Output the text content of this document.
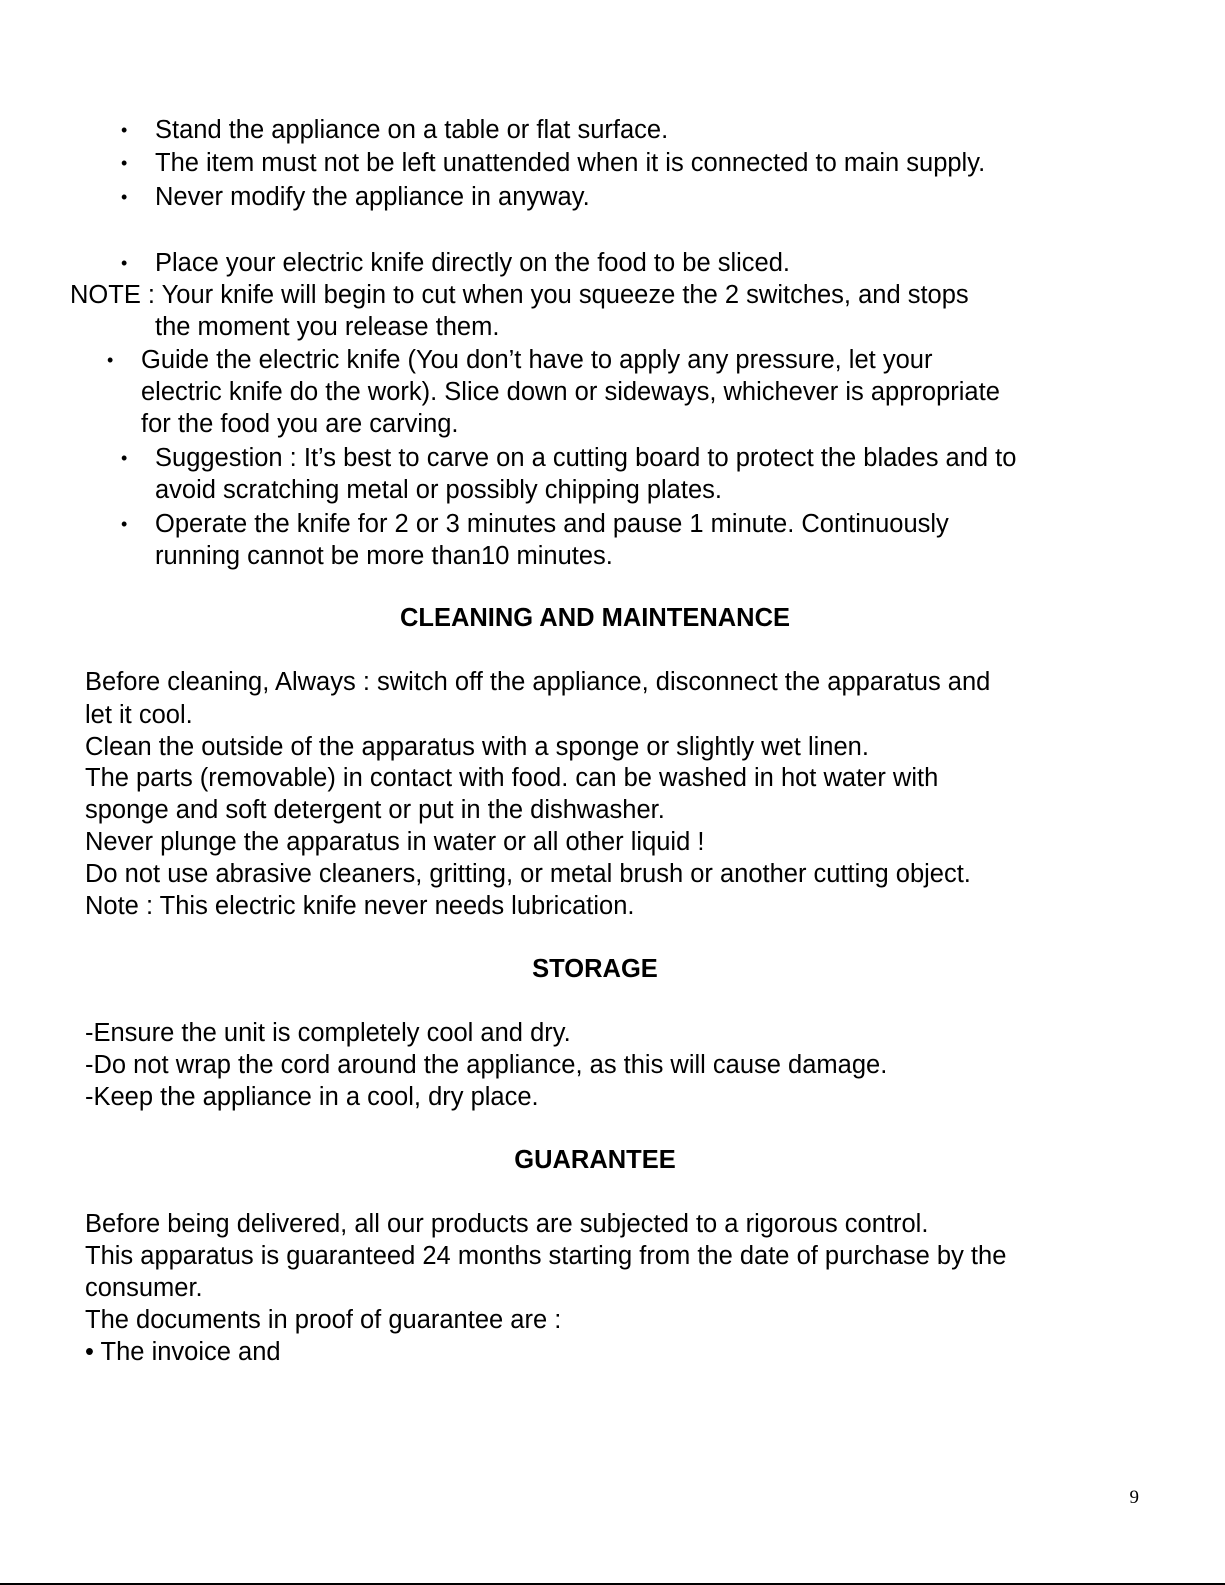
• Stand the appliance on a table or flat surface.
• The item must not be left unattended when it is connected to main supply.
• Never modify the appliance in anyway.
• Place your electric knife directly on the food to be sliced.
NOTE : Your knife will begin to cut when you squeeze the 2 switches, and stops
the moment you release them.
• Guide the electric knife (You don’t have to apply any pressure, let your
electric knife do the work). Slice down or sideways, whichever is appropriate
for the food you are carving.
• Suggestion : It’s best to carve on a cutting board to protect the blades and to
avoid scratching metal or possibly chipping plates.
• Operate the knife for 2 or 3 minutes and pause 1 minute. Continuously
running cannot be more than10 minutes.
CLEANING AND MAINTENANCE
Before cleaning, Always : switch off the appliance, disconnect the apparatus and
let it cool.
Clean the outside of the apparatus with a sponge or slightly wet linen.
The parts (removable) in contact with food. can be washed in hot water with
sponge and soft detergent or put in the dishwasher.
Never plunge the apparatus in water or all other liquid !
Do not use abrasive cleaners, gritting, or metal brush or another cutting object.
Note : This electric knife never needs lubrication.
STORAGE
-Ensure the unit is completely cool and dry.
-Do not wrap the cord around the appliance, as this will cause damage.
-Keep the appliance in a cool, dry place.
GUARANTEE
Before being delivered, all our products are subjected to a rigorous control.
This apparatus is guaranteed 24 months starting from the date of purchase by the
consumer.
The documents in proof of guarantee are :
• The invoice and
9
